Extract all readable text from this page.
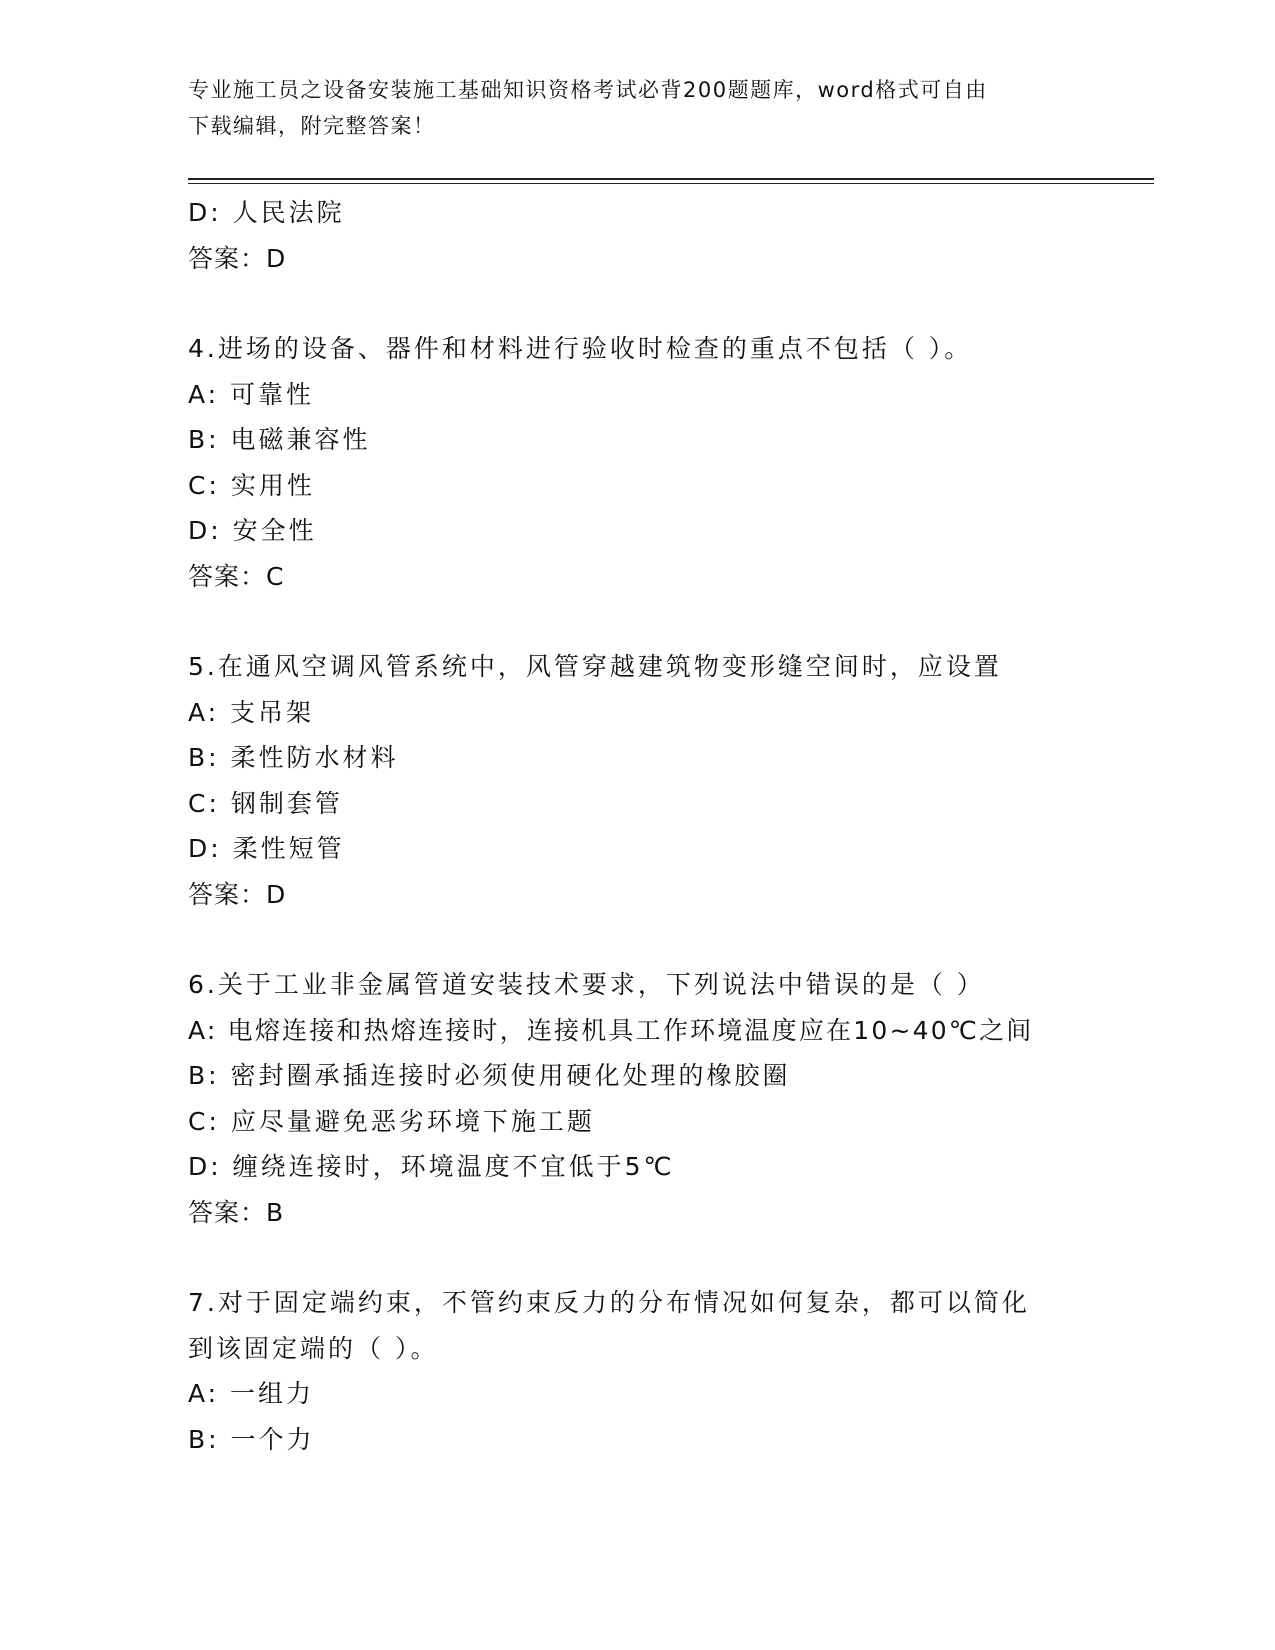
专业施工员之设备安装施工基础知识资格考试必背200题题库，word格式可自由
下载编辑，附完整答案！
D: 人民法院
答案：D
4.进场的设备、器件和材料进行验收时检查的重点不包括（ ）。
A: 可靠性
B: 电磁兼容性
C: 实用性
D: 安全性
答案：C
5.在通风空调风管系统中，风管穿越建筑物变形缝空间时，应设置
A: 支吊架
B: 柔性防水材料
C: 钢制套管
D: 柔性短管
答案：D
6.关于工业非金属管道安装技术要求，下列说法中错误的是（ ）
A: 电熔连接和热熔连接时，连接机具工作环境温度应在10~40℃之间
B: 密封圈承插连接时必须使用硬化处理的橡胶圈
C: 应尽量避免恶劣环境下施工题
D: 缠绕连接时，环境温度不宜低于5℃
答案：B
7.对于固定端约束，不管约束反力的分布情况如何复杂，都可以简化
到该固定端的（ ）。
A: 一组力
B: 一个力
